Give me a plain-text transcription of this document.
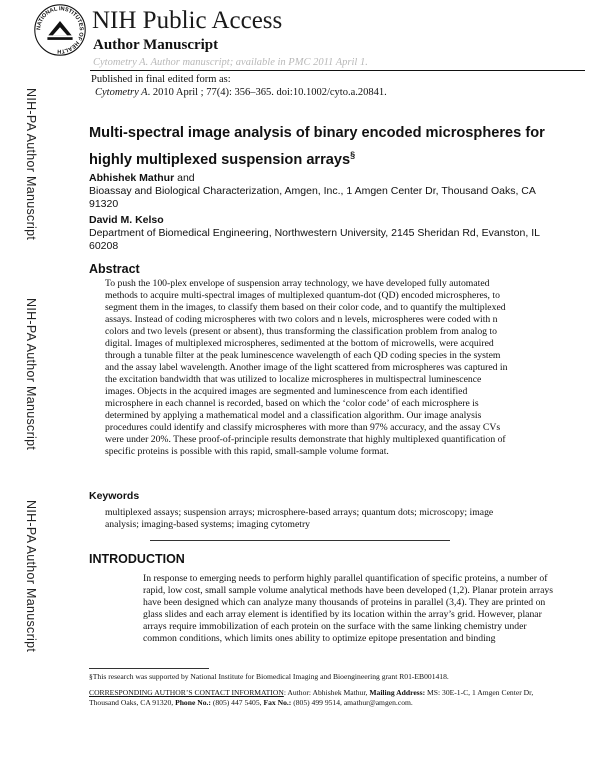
NATIONAL INSTITUTES OF HEALTH
NIH Public Access
Author Manuscript
Cytometry A. Author manuscript; available in PMC 2011 April 1.
Published in final edited form as:
Cytometry A. 2010 April ; 77(4): 356–365. doi:10.1002/cyto.a.20841.
NIH-PA Author Manuscript
NIH-PA Author Manuscript
NIH-PA Author Manuscript
Multi-spectral image analysis of binary encoded microspheres for highly multiplexed suspension arrays§
Abhishek Mathur and
Bioassay and Biological Characterization, Amgen, Inc., 1 Amgen Center Dr, Thousand Oaks, CA 91320
David M. Kelso
Department of Biomedical Engineering, Northwestern University, 2145 Sheridan Rd, Evanston, IL 60208
Abstract

To push the 100-plex envelope of suspension array technology, we have developed fully automated methods to acquire multi-spectral images of multiplexed quantum-dot (QD) encoded microspheres, to segment them in the images, to classify them based on their color code, and to quantify the multiplexed assays. Instead of coding microspheres with two colors and n levels, microspheres were coded with n colors and two levels (present or absent), thus transforming the classification problem from analog to digital. Images of multiplexed microspheres, sedimented at the bottom of microwells, were acquired through a tunable filter at the peak luminescence wavelength of each QD coding species in the system and the assay label wavelength. Another image of the light scattered from microspheres was captured in the excitation bandwidth that was utilized to localize microspheres in multispectral luminescence images. Objects in the acquired images are segmented and luminescence from each identified microsphere in each channel is recorded, based on which the ‘color code’ of each microsphere is determined by applying a mathematical model and a classification algorithm. Our image analysis procedures could identify and classify microspheres with more than 97% accuracy, and the assay CVs were under 20%. These proof-of-principle results demonstrate that highly multiplexed quantification of specific proteins is possible with this rapid, small-sample volume format.

Keywords

multiplexed assays; suspension arrays; microsphere-based arrays; quantum dots; microscopy; image analysis; imaging-based systems; imaging cytometry

INTRODUCTION

In response to emerging needs to perform highly parallel quantification of specific proteins, a number of rapid, low cost, small sample volume analytical methods have been developed (1,2). Planar protein arrays have been designed which can analyze many thousands of proteins in parallel (3,4). They are printed on glass slides and each array element is identified by its location within the array’s grid. However, planar arrays require immobilization of each protein on the surface with the same linking chemistry under common conditions, which limits ones ability to optimize epitope presentation and binding

§This research was supported by National Institute for Biomedical Imaging and Bioengineering grant R01-EB001418.
CORRESPONDING AUTHOR’S CONTACT INFORMATION: Author: Abhishek Mathur, Mailing Address: MS: 30E-1-C, 1 Amgen Center Dr, Thousand Oaks, CA 91320, Phone No.: (805) 447 5405, Fax No.: (805) 499 9514, amathur@amgen.com.
